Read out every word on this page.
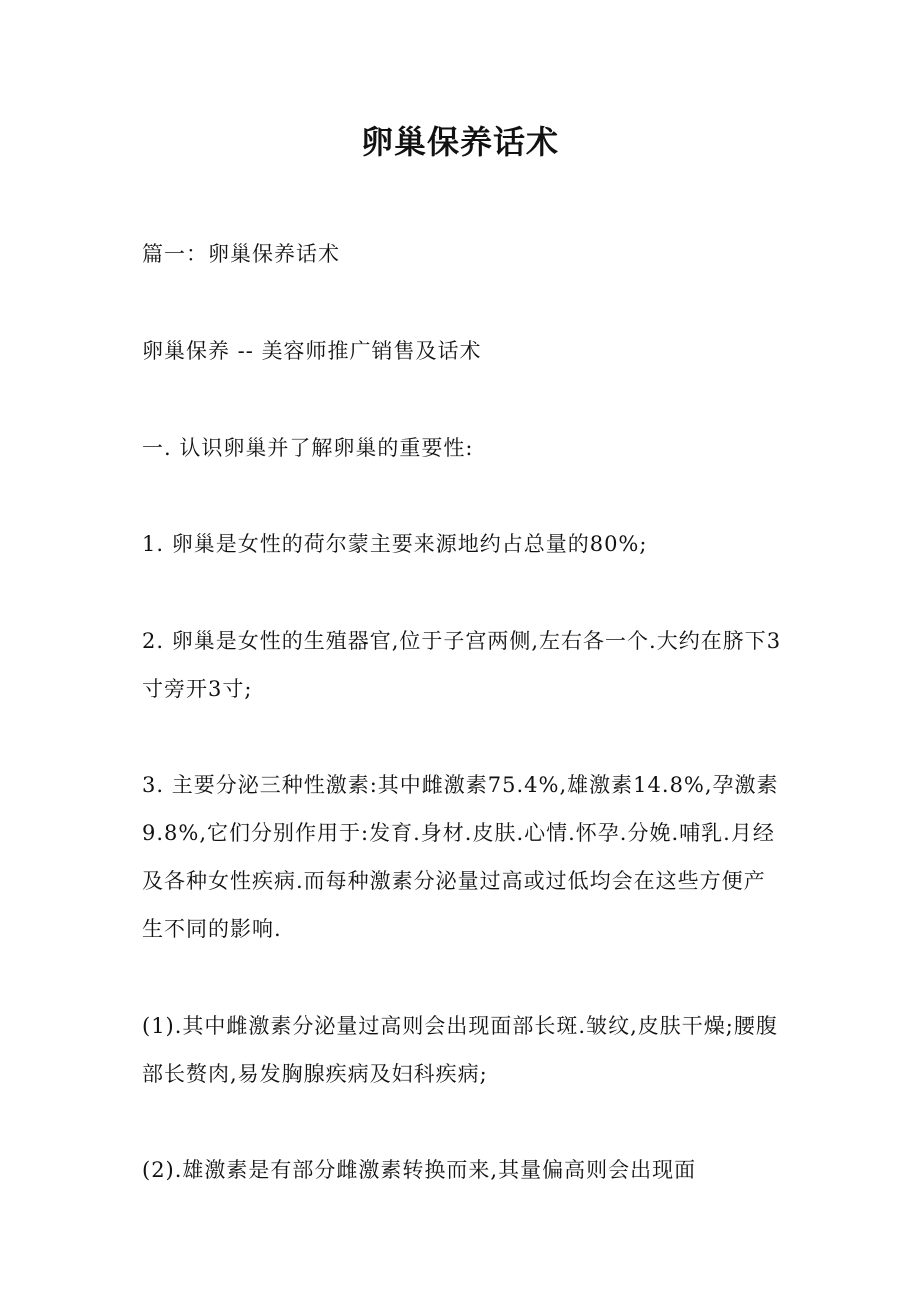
卵巢保养话术
篇一：卵巢保养话术
卵巢保养 -- 美容师推广销售及话术
一. 认识卵巢并了解卵巢的重要性:
1. 卵巢是女性的荷尔蒙主要来源地约占总量的80%;
2. 卵巢是女性的生殖器官,位于子宫两侧,左右各一个.大约在脐下3寸旁开3寸;
3. 主要分泌三种性激素:其中雌激素75.4%,雄激素14.8%,孕激素9.8%,它们分别作用于:发育.身材.皮肤.心情.怀孕.分娩.哺乳.月经及各种女性疾病.而每种激素分泌量过高或过低均会在这些方便产生不同的影响.
(1).其中雌激素分泌量过高则会出现面部长斑.皱纹,皮肤干燥;腰腹部长赘肉,易发胸腺疾病及妇科疾病;
(2).雄激素是有部分雌激素转换而来,其量偏高则会出现面
